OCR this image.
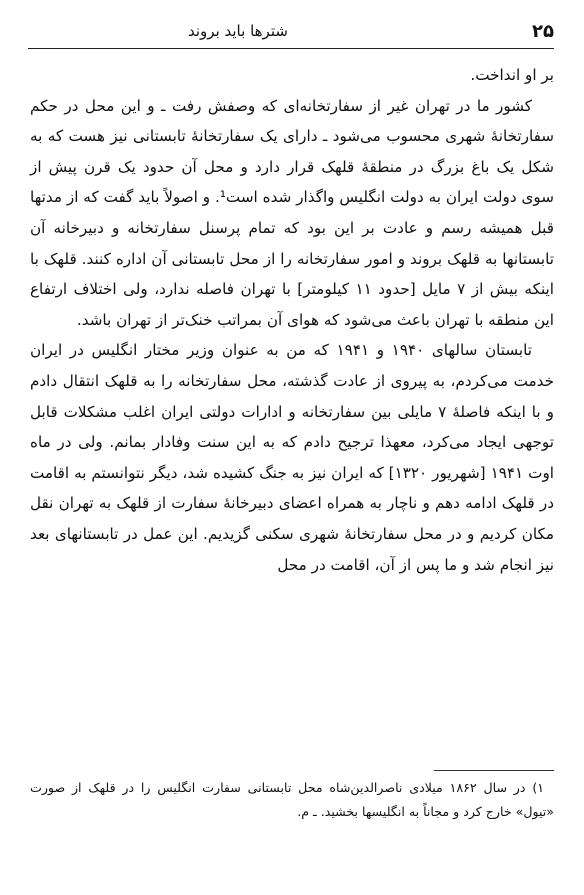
۲۵
شترها باید بروند

بر او انداخت.

کشور ما در تهران غیر از سفارتخانه‌ای که وصفش رفت ـ و این محل در حکم سفارتخانهٔ شهری محسوب می‌شود ـ دارای یک سفارتخانهٔ تابستانی نیز هست که به شکل یک باغ بزرگ در منطقهٔ قلهک قرار دارد و محل آن حدود یک قرن پیش از سوی دولت ایران به دولت انگلیس واگذار شده است¹. و اصولاً باید گفت که از مدتها قبل همیشه رسم و عادت بر این بود که تمام پرسنل سفارتخانه و دبیرخانه‌ آن تابستانها به قلهک بروند و امور سفارتخانه را از محل تابستانی آن اداره کنند. قلهک با اینکه بیش از ۷ مایل [حدود ۱۱ کیلومتر] با تهران فاصله ندارد، ولی اختلاف ارتفاع این منطقه با تهران باعث می‌شود که هوای آن بمراتب خنک‌تر از تهران باشد.

تابستان سالهای ۱۹۴۰ و ۱۹۴۱ که من به عنوان وزیر مختار انگلیس در ایران خدمت می‌کردم، به پیروی از عادت گذشته، محل سفارتخانه را به قلهک انتقال دادم و با اینکه فاصلهٔ ۷ مایلی بین سفارتخانه و ادارات دولتی ایران اغلب مشکلات قابل توجهی ایجاد می‌کرد، معهذا ترجیح دادم که به این سنت وفادار بمانم. ولی در ماه اوت ۱۹۴۱ [شهریور ۱۳۲۰] که ایران نیز به جنگ کشیده شد، دیگر نتوانستم به اقامت در قلهک ادامه دهم و ناچار به همراه اعضای دبیرخانهٔ سفارت از قلهک به تهران نقل مکان کردیم و در محل سفارتخانهٔ شهری سکنی گزیدیم. این عمل در تابستانهای بعد نیز انجام شد و ما پس از آن، اقامت در محل

۱) در سال ۱۸۶۲ میلادی ناصرالدین‌شاه محل تابستانی سفارت انگلیس را در قلهک از صورت «تیول» خارج کرد و مجاناً به انگلیسها بخشید. ـ م.
